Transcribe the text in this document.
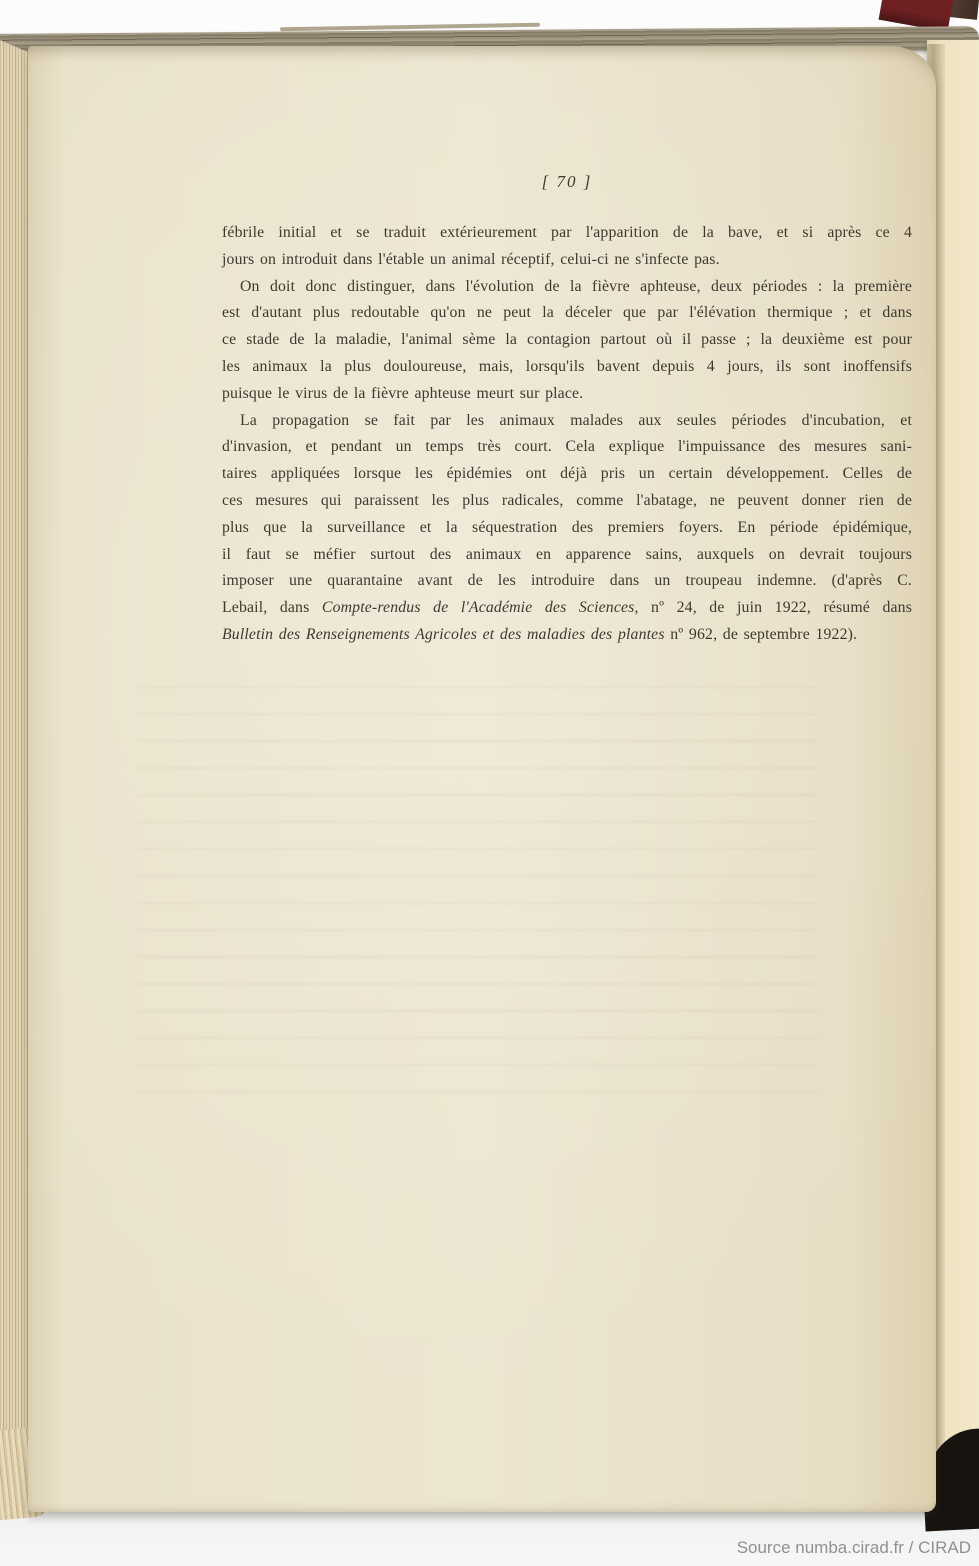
[ 70 ]
fébrile initial et se traduit extérieurement par l'apparition de la bave, et si après ce 4
jours on introduit dans l'étable un animal réceptif, celui-ci ne s'infecte pas.
On doit donc distinguer, dans l'évolution de la fièvre aphteuse, deux périodes : la première
est d'autant plus redoutable qu'on ne peut la déceler que par l'élévation thermique ; et dans
ce stade de la maladie, l'animal sème la contagion partout où il passe ; la deuxième est pour
les animaux la plus douloureuse, mais, lorsqu'ils bavent depuis 4 jours, ils sont inoffensifs
puisque le virus de la fièvre aphteuse meurt sur place.
La propagation se fait par les animaux malades aux seules périodes d'incubation, et
d'invasion, et pendant un temps très court. Cela explique l'impuissance des mesures sani-
taires appliquées lorsque les épidémies ont déjà pris un certain développement. Celles de
ces mesures qui paraissent les plus radicales, comme l'abatage, ne peuvent donner rien de
plus que la surveillance et la séquestration des premiers foyers. En période épidémique,
il faut se méfier surtout des animaux en apparence sains, auxquels on devrait toujours
imposer une quarantaine avant de les introduire dans un troupeau indemne. (d'après C.
Lebail, dans Compte-rendus de l'Académie des Sciences, nº 24, de juin 1922, résumé dans
Bulletin des Renseignements Agricoles et des maladies des plantes nº 962, de septembre 1922).
Source numba.cirad.fr / CIRAD
